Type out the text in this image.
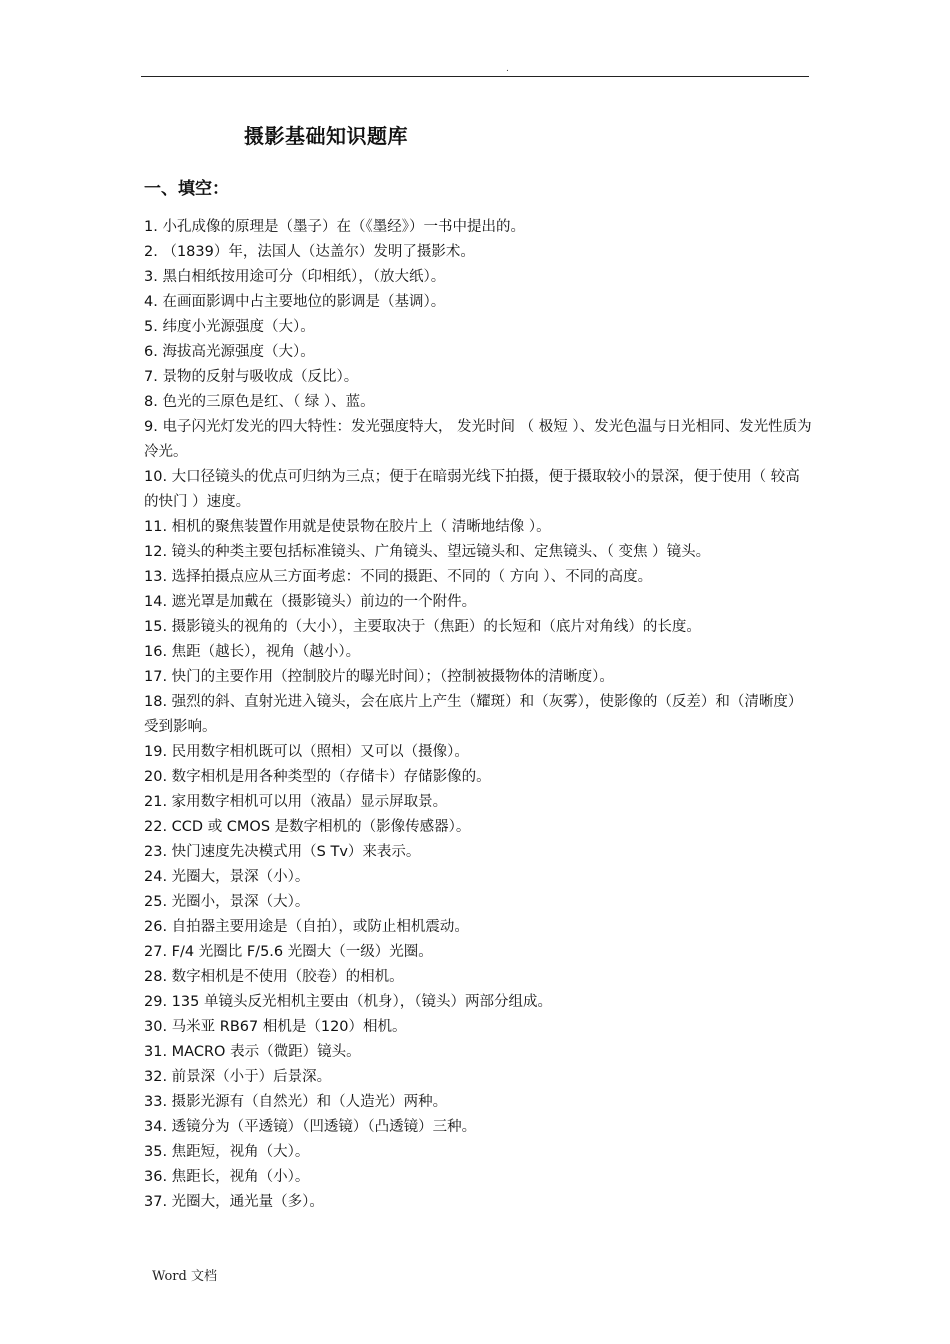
.
摄影基础知识题库
一、填空：
1. 小孔成像的原理是（墨子）在（《墨经》）一书中提出的。
2. （1839）年，法国人（达盖尔）发明了摄影术。
3. 黑白相纸按用途可分（印相纸），（放大纸）。
4. 在画面影调中占主要地位的影调是（基调）。
5. 纬度小光源强度（大）。
6. 海拔高光源强度（大）。
7. 景物的反射与吸收成（反比）。
8. 色光的三原色是红、（ 绿 ）、蓝。
9. 电子闪光灯发光的四大特性：发光强度特大， 发光时间 （ 极短 ）、发光色温与日光相同、发光性质为冷光。
10. 大口径镜头的优点可归纳为三点；便于在暗弱光线下拍摄，便于摄取较小的景深，便于使用（ 较高的快门 ）速度。
11. 相机的聚焦装置作用就是使景物在胶片上（ 清晰地结像 ）。
12. 镜头的种类主要包括标准镜头、广角镜头、望远镜头和、定焦镜头、（ 变焦 ）镜头。
13. 选择拍摄点应从三方面考虑：不同的摄距、不同的（ 方向 ）、不同的高度。
14. 遮光罩是加戴在（摄影镜头）前边的一个附件。
15. 摄影镜头的视角的（大小），主要取决于（焦距）的长短和（底片对角线）的长度。
16. 焦距（越长），视角（越小）。
17. 快门的主要作用（控制胶片的曝光时间）；（控制被摄物体的清晰度）。
18. 强烈的斜、直射光进入镜头，会在底片上产生（耀斑）和（灰雾），使影像的（反差）和（清晰度）受到影响。
19. 民用数字相机既可以（照相）又可以（摄像）。
20. 数字相机是用各种类型的（存储卡）存储影像的。
21. 家用数字相机可以用（液晶）显示屏取景。
22. CCD 或 CMOS 是数字相机的（影像传感器）。
23. 快门速度先决模式用（S Tv）来表示。
24. 光圈大，景深（小）。
25. 光圈小，景深（大）。
26. 自拍器主要用途是（自拍），或防止相机震动。
27. F/4 光圈比 F/5.6 光圈大（一级）光圈。
28. 数字相机是不使用（胶卷）的相机。
29. 135 单镜头反光相机主要由（机身），（镜头）两部分组成。
30. 马米亚 RB67 相机是（120）相机。
31. MACRO 表示（微距）镜头。
32. 前景深（小于）后景深。
33. 摄影光源有（自然光）和（人造光）两种。
34. 透镜分为（平透镜）（凹透镜）（凸透镜）三种。
35. 焦距短，视角（大）。
36. 焦距长，视角（小）。
37. 光圈大，通光量（多）。
Word 文档
